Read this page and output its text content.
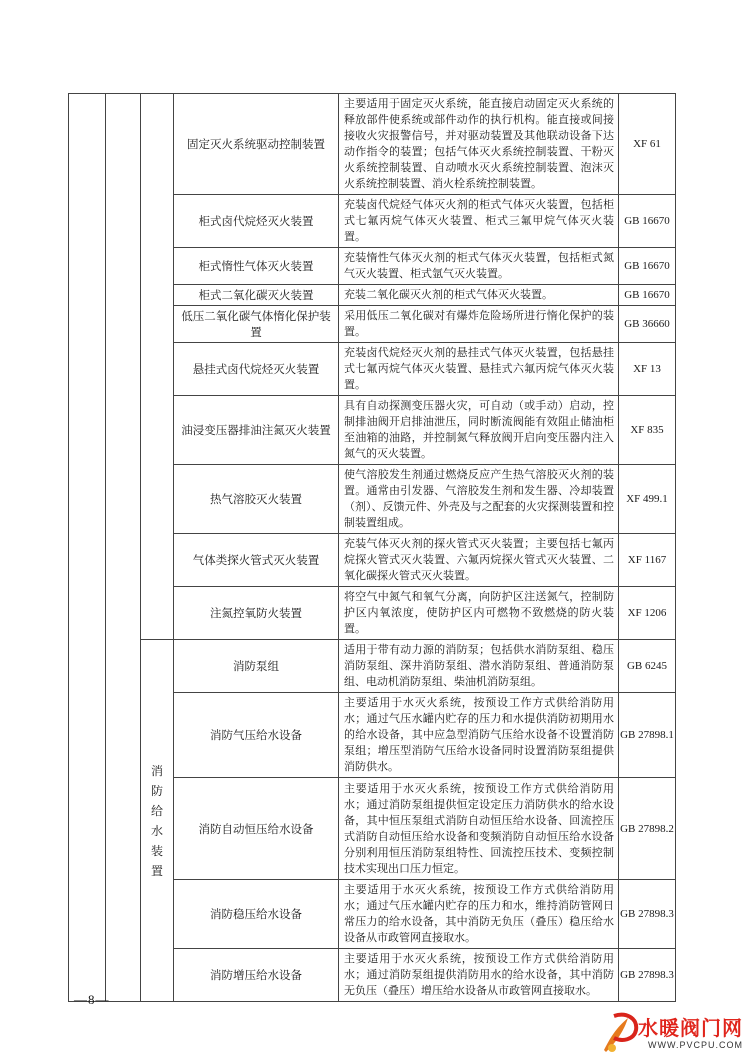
			固定灭火系统驱动控制装置	主要适用于固定灭火系统，能直接启动固定灭火系统的释放部件使系统或部件动作的执行机构。能直接或间接接收火灾报警信号，并对驱动装置及其他联动设备下达动作指令的装置；包括气体灭火系统控制装置、干粉灭火系统控制装置、自动喷水灭火系统控制装置、泡沫灭火系统控制装置、消火栓系统控制装置。	XF 61
			柜式卤代烷烃灭火装置	充装卤代烷烃气体灭火剂的柜式气体灭火装置，包括柜式七氟丙烷气体灭火装置、柜式三氟甲烷气体灭火装置。	GB 16670
			柜式惰性气体灭火装置	充装惰性气体灭火剂的柜式气体灭火装置，包括柜式氮气灭火装置、柜式氩气灭火装置。	GB 16670
			柜式二氧化碳灭火装置	充装二氧化碳灭火剂的柜式气体灭火装置。	GB 16670
			低压二氧化碳气体惰化保护装置	采用低压二氧化碳对有爆炸危险场所进行惰化保护的装置。	GB 36660
			悬挂式卤代烷烃灭火装置	充装卤代烷烃灭火剂的悬挂式气体灭火装置，包括悬挂式七氟丙烷气体灭火装置、悬挂式六氟丙烷气体灭火装置。	XF 13
			油浸变压器排油注氮灭火装置	具有自动探测变压器火灾，可自动（或手动）启动，控制排油阀开启排油泄压，同时断流阀能有效阻止储油柜至油箱的油路，并控制氮气释放阀开启向变压器内注入氮气的灭火装置。	XF 835
			热气溶胶灭火装置	使气溶胶发生剂通过燃烧反应产生热气溶胶灭火剂的装置。通常由引发器、气溶胶发生剂和发生器、冷却装置（剂）、反馈元件、外壳及与之配套的火灾探测装置和控制装置组成。	XF 499.1
			气体类探火管式灭火装置	充装气体灭火剂的探火管式灭火装置；主要包括七氟丙烷探火管式灭火装置、六氟丙烷探火管式灭火装置、二氧化碳探火管式灭火装置。	XF 1167
			注氮控氧防火装置	将空气中氮气和氧气分离，向防护区注送氮气，控制防护区内氧浓度，使防护区内可燃物不致燃烧的防火装置。	XF 1206

		消防给水装置	消防泵组	适用于带有动力源的消防泵；包括供水消防泵组、稳压消防泵组、深井消防泵组、潜水消防泵组、普通消防泵组、电动机消防泵组、柴油机消防泵组。	GB 6245
			消防气压给水设备	主要适用于水灭火系统，按预设工作方式供给消防用水；通过气压水罐内贮存的压力和水提供消防初期用水的给水设备，其中应急型消防气压给水设备不设置消防泵组；增压型消防气压给水设备同时设置消防泵组提供消防供水。	GB 27898.1
			消防自动恒压给水设备	主要适用于水灭火系统，按预设工作方式供给消防用水；通过消防泵组提供恒定设定压力消防供水的给水设备，其中恒压泵组式消防自动恒压给水设备、回流控压式消防自动恒压给水设备和变频消防自动恒压给水设备分别利用恒压消防泵组特性、回流控压技术、变频控制技术实现出口压力恒定。	GB 27898.2
			消防稳压给水设备	主要适用于水灭火系统，按预设工作方式供给消防用水；通过气压水罐内贮存的压力和水，维持消防管网日常压力的给水设备，其中消防无负压（叠压）稳压给水设备从市政管网直接取水。	GB 27898.3
			消防增压给水设备	主要适用于水灭火系统，按预设工作方式供给消防用水；通过消防泵组提供消防用水的给水设备，其中消防无负压（叠压）增压给水设备从市政管网直接取水。	GB 27898.3
—8—
水暖阀门网
WWW.PVCPU.COM
